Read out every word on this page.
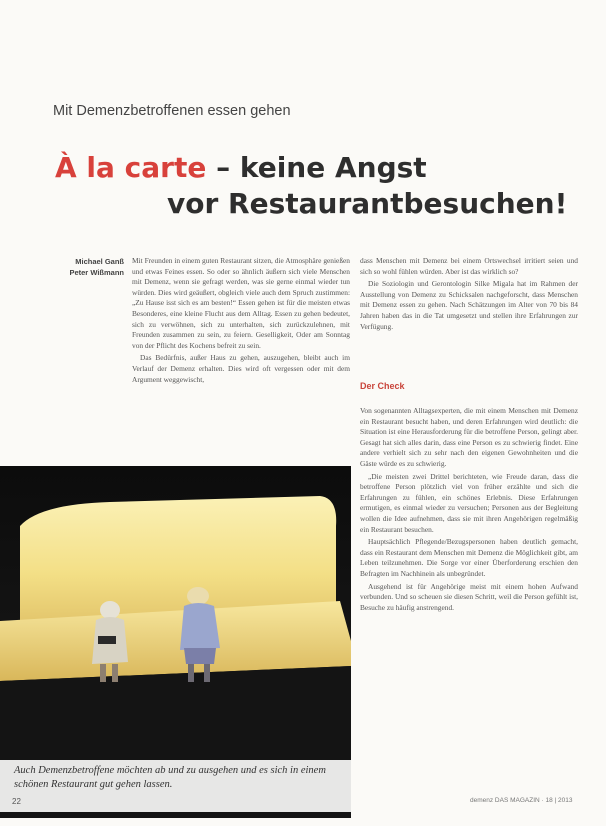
Mit Demenzbetroffenen essen gehen
À la carte – keine Angst
vor Restaurantbesuchen!
Michael Ganß
Peter Wißmann

Mit Freunden in einem guten Restaurant sitzen, die Atmosphäre genießen und etwas Feines essen. So oder so ähnlich äußern sich viele Menschen mit Demenz, wenn sie gefragt werden, was sie gerne einmal wieder tun würden. Dies wird geäußert, obgleich viele auch dem Spruch zustimmen: „Zu Hause isst sich es am besten!“ Essen gehen ist für die meisten etwas Besonderes, eine kleine Flucht aus dem Alltag. Essen zu gehen bedeutet, sich zu verwöhnen, sich zu unterhalten, sich zurückzulehnen, mit Freunden zusammen zu sein, zu feiern. Geselligkeit, Oder am Sonntag von der Pflicht des Kochens befreit zu sein.

Das Bedürfnis, außer Haus zu gehen, auszugehen, bleibt auch im Verlauf der Demenz erhalten. Dies wird oft vergessen oder mit dem Argument weggewischt,

dass Menschen mit Demenz bei einem Ortswechsel irritiert seien und sich so wohl fühlen würden. Aber ist das wirklich so?

Die Soziologin und Gerontologin Silke Migala hat im Rahmen der Ausstellung von Demenz zu Schicksalen nachgeforscht, dass Menschen mit Demenz essen zu gehen. Nach Schätzungen im Alter von 70 bis 84 Jahren haben das in die Tat umgesetzt und stellen ihre Erfahrungen zur Verfügung.

Der Check

Von sogenannten Alltagsexperten, die mit einem Menschen mit Demenz ein Restaurant besucht haben, und deren Erfahrungen wird deutlich: die Situation ist eine Herausforderung für die betroffene Person, gelingt aber. Gesagt hat sich alles darin, dass eine Person es zu schwierig findet. Eine andere verhielt sich zu sehr nach den eigenen Gewohnheiten und die Gäste würde es zu schwierig.

„Die meisten zwei Drittel berichteten, wie Freude daran, dass die betroffene Person plötzlich viel von früher erzählte und sich die Erfahrungen zu fühlen, ein schönes Erlebnis. Diese Erfahrungen ermutigen, es einmal wieder zu versuchen; Personen aus der Begleitung wollen die Idee aufnehmen, dass sie mit ihren Angehörigen regelmäßig ein Restaurant besuchen.

Hauptsächlich Pflegende/Bezugspersonen haben deutlich gemacht, dass ein Restaurant dem Menschen mit Demenz die Möglichkeit gibt, am Leben teilzunehmen. Die Sorge vor einer Überforderung erschien den Befragten im Nachhinein als unbegründet.

Ausgehend ist für Angehörige meist mit einem hohen Aufwand verbunden. Und so scheuen sie diesen Schritt, weil die Person gefühlt ist, Besuche zu häufig anstrengend.

Auch Demenzbetroffene möchten ab und zu ausgehen und es sich in einem schönen Restaurant gut gehen lassen.
22	demenz DAS MAGAZIN · 18 | 2013
